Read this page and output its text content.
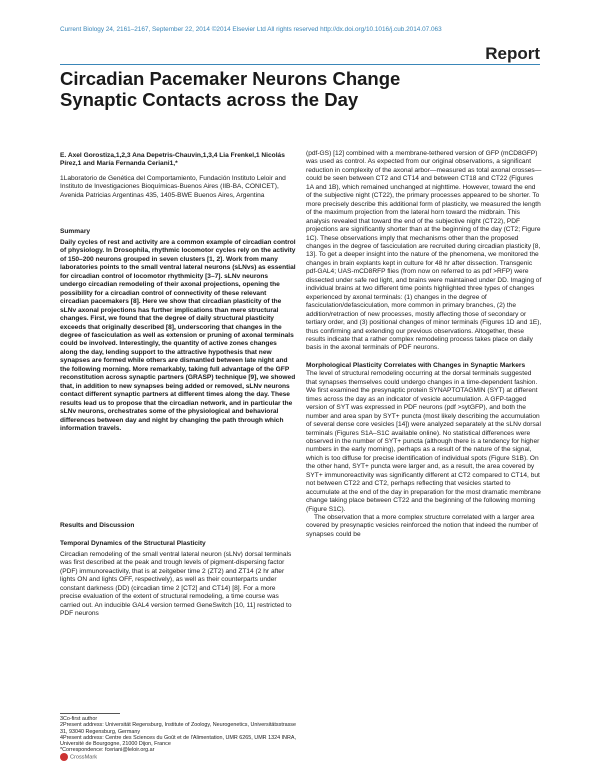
Current Biology 24, 2161–2167, September 22, 2014 ©2014 Elsevier Ltd All rights reserved http://dx.doi.org/10.1016/j.cub.2014.07.063
Report
Circadian Pacemaker Neurons Change Synaptic Contacts across the Day
E. Axel Gorostiza,1,2,3 Ana Depetris-Chauvin,1,3,4 Lia Frenkel,1 Nicolás Pírez,1 and María Fernanda Ceriani1,*
1Laboratorio de Genética del Comportamiento, Fundación Instituto Leloir and Instituto de Investigaciones Bioquímicas-Buenos Aires (IIB-BA, CONICET), Avenida Patricias Argentinas 435, 1405-BWE Buenos Aires, Argentina
Summary
Daily cycles of rest and activity are a common example of circadian control of physiology. In Drosophila, rhythmic locomotor cycles rely on the activity of 150–200 neurons grouped in seven clusters [1, 2]. Work from many laboratories points to the small ventral lateral neurons (sLNvs) as essential for circadian control of locomotor rhythmicity [3–7]. sLNv neurons undergo circadian remodeling of their axonal projections, opening the possibility for a circadian control of connectivity of these relevant circadian pacemakers [8]. Here we show that circadian plasticity of the sLNv axonal projections has further implications than mere structural changes. First, we found that the degree of daily structural plasticity exceeds that originally described [8], underscoring that changes in the degree of fasciculation as well as extension or pruning of axonal terminals could be involved. Interestingly, the quantity of active zones changes along the day, lending support to the attractive hypothesis that new synapses are formed while others are dismantled between late night and the following morning. More remarkably, taking full advantage of the GFP reconstitution across synaptic partners (GRASP) technique [9], we showed that, in addition to new synapses being added or removed, sLNv neurons contact different synaptic partners at different times along the day. These results lead us to propose that the circadian network, and in particular the sLNv neurons, orchestrates some of the physiological and behavioral differences between day and night by changing the path through which information travels.
Results and Discussion
Temporal Dynamics of the Structural Plasticity
Circadian remodeling of the small ventral lateral neuron (sLNv) dorsal terminals was first described at the peak and trough levels of pigment-dispersing factor (PDF) immunoreactivity, that is at zeitgeber time 2 (ZT2) and ZT14 (2 hr after lights ON and lights OFF, respectively), as well as their counterparts under constant darkness (DD) (circadian time 2 [CT2] and CT14) [8]. For a more precise evaluation of the extent of structural remodeling, a time course was carried out. An inducible GAL4 version termed GeneSwitch [10, 11] restricted to PDF neurons

3Co-first author

2Present address: Universität Regensburg, Institute of Zoology, Neurogenetics, Universitätsstrasse 31, 93040 Regensburg, Germany

4Present address: Centre des Sciences du Goût et de l'Alimentation, UMR 6265, UMR 1324 INRA, Université de Bourgogne, 21000 Dijon, France

*Correspondence: fceriani@leloir.org.ar

CrossMark

(pdf-GS) [12] combined with a membrane-tethered version of GFP (mCD8GFP) was used as control. As expected from our original observations, a significant reduction in complexity of the axonal arbor—measured as total axonal crosses—could be seen between CT2 and CT14 and between CT18 and CT22 (Figures 1A and 1B), which remained unchanged at nighttime. However, toward the end of the subjective night (CT22), the primary processes appeared to be shorter. To more precisely describe this additional form of plasticity, we measured the length of the maximum projection from the lateral horn toward the midbrain. This analysis revealed that toward the end of the subjective night (CT22), PDF projections are significantly shorter than at the beginning of the day (CT2; Figure 1C). These observations imply that mechanisms other than the proposed changes in the degree of fasciculation are recruited during circadian plasticity [8, 13]. To get a deeper insight into the nature of the phenomena, we monitored the changes in brain explants kept in culture for 48 hr after dissection. Transgenic pdf-GAL4; UAS-mCD8RFP flies (from now on referred to as pdf >RFP) were dissected under safe red light, and brains were maintained under DD. Imaging of individual brains at two different time points highlighted three types of changes experienced by axonal terminals: (1) changes in the degree of fasciculation/defasciculation, more common in primary branches, (2) the addition/retraction of new processes, mostly affecting those of secondary or tertiary order, and (3) positional changes of minor terminals (Figures 1D and 1E), thus confirming and extending our previous observations. Altogether, these results indicate that a rather complex remodeling process takes place on daily basis in the axonal terminals of PDF neurons.

Morphological Plasticity Correlates with Changes in Synaptic Markers

The level of structural remodeling occurring at the dorsal terminals suggested that synapses themselves could undergo changes in a time-dependent fashion. We first examined the presynaptic protein SYNAPTOTAGMIN (SYT) at different times across the day as an indicator of vesicle accumulation. A GFP-tagged version of SYT was expressed in PDF neurons (pdf >sytGFP), and both the number and area span by SYT+ puncta (most likely describing the accumulation of several dense core vesicles [14]) were analyzed separately at the sLNv dorsal terminals (Figures S1A–S1C available online). No statistical differences were observed in the number of SYT+ puncta (although there is a tendency for higher numbers in the early morning), perhaps as a result of the nature of the signal, which is too diffuse for precise identification of individual spots (Figure S1B). On the other hand, SYT+ puncta were larger and, as a result, the area covered by SYT+ immunoreactivity was significantly different at CT2 compared to CT14, but not between CT22 and CT2, perhaps reflecting that vesicles started to accumulate at the end of the day in preparation for the most dramatic membrane change taking place between CT22 and the beginning of the following morning (Figure S1C).

The observation that a more complex structure correlated with a larger area covered by presynaptic vesicles reinforced the notion that indeed the number of synapses could be
